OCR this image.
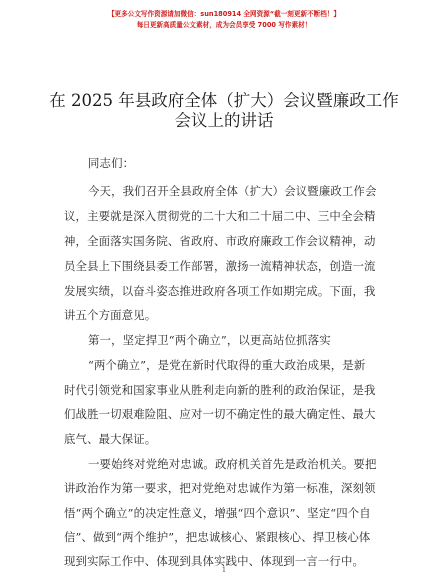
【更多公文写作资源请加微信：sun180914 全网资源“截一刻更新不断档！】
每日更新高质量公文素材，成为会员享受 7000 写作素材！
在 2025 年县政府全体（扩大）会议暨廉政工作
会议上的讲话
同志们：
今天，我们召开全县政府全体（扩大）会议暨廉政工作会
议，主要就是深入贯彻党的二十大和二十届二中、三中全会精
神，全面落实国务院、省政府、市政府廉政工作会议精神，动
员全县上下围绕县委工作部署，激扬一流精神状态，创造一流
发展实绩，以奋斗姿态推进政府各项工作如期完成。下面，我
讲五个方面意见。
第一，坚定捍卫“两个确立”，以更高站位抓落实
“两个确立”，是党在新时代取得的重大政治成果，是新
时代引领党和国家事业从胜利走向新的胜利的政治保证，是我
们战胜一切艰难险阻、应对一切不确定性的最大确定性、最大
底气、最大保证。
一要始终对党绝对忠诚。政府机关首先是政治机关。要把
讲政治作为第一要求，把对党绝对忠诚作为第一标准，深刻领
悟“两个确立”的决定性意义，增强“四个意识”、坚定“四个自
信”、做到“两个维护”，把忠诚核心、紧跟核心、捍卫核心体
现到实际工作中、体现到具体实践中、体现到一言一行中。
1
